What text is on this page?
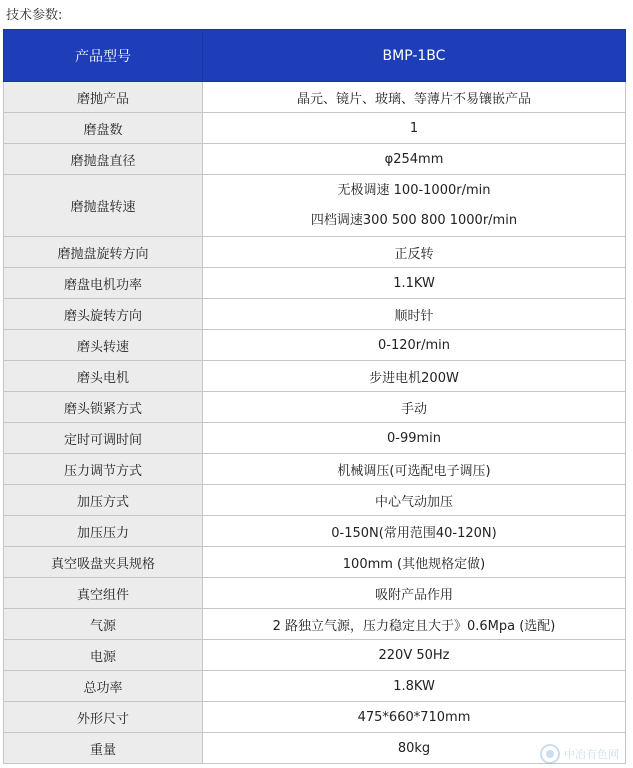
技术参数:
产品型号	BMP-1BC
磨抛产品	晶元、镜片、玻璃、等薄片不易镶嵌产品
磨盘数	1
磨抛盘直径	φ254mm
磨抛盘转速	无极调速 100-1000r/min
四档调速300 500 800 1000r/min

磨抛盘旋转方向	正反转
磨盘电机功率	1.1KW
磨头旋转方向	顺时针
磨头转速	0-120r/min
磨头电机	步进电机200W
磨头锁紧方式	手动
定时可调时间	0-99min
压力调节方式	机械调压(可选配电子调压)
加压方式	中心气动加压
加压压力	0-150N(常用范围40-120N)
真空吸盘夹具规格	100mm (其他规格定做)
真空组件	吸附产品作用
气源	2 路独立气源，压力稳定且大于》0.6Mpa (选配)
电源	220V 50Hz
总功率	1.8KW
外形尺寸	475*660*710mm
重量	80kg	中冶有色网
